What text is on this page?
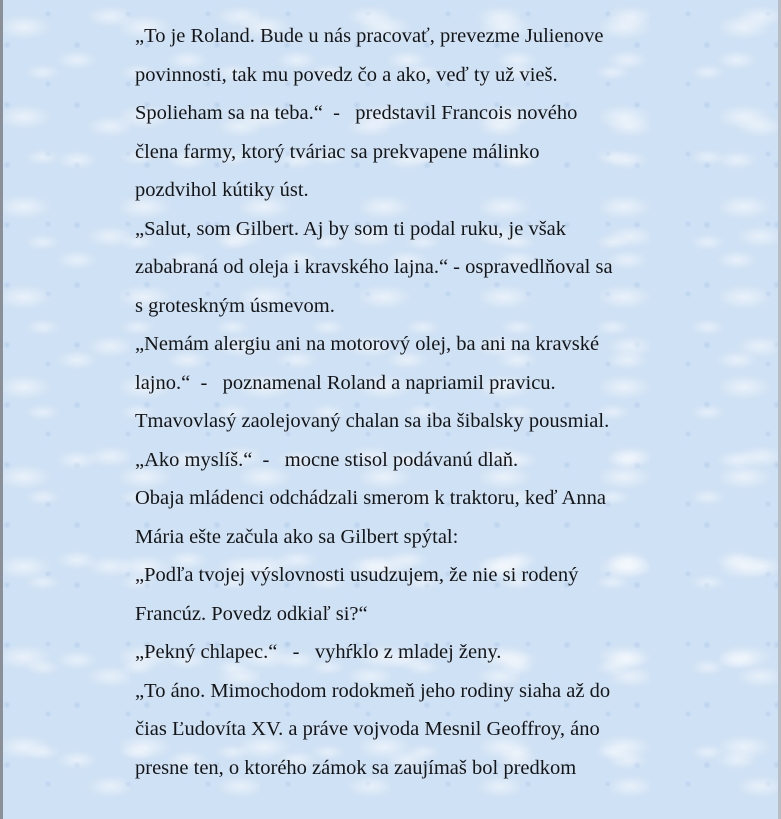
„To je Roland. Bude u nás pracovať, prevezme Julienove
povinnosti, tak mu povedz čo a ako, veď ty už vieš.
Spolieham sa na teba.“  -   predstavil Francois nového
člena farmy, ktorý tváriac sa prekvapene málinko
pozdvihol kútiky úst.
„Salut, som Gilbert. Aj by som ti podal ruku, je však
zababraná od oleja i kravského lajna.“ - ospravedlňoval sa
s groteskným úsmevom.
„Nemám alergiu ani na motorový olej, ba ani na kravské
lajno.“  -   poznamenal Roland a napriamil pravicu.
Tmavovlasý zaolejovaný chalan sa iba šibalsky pousmial.
„Ako myslíš.“  -   mocne stisol podávanú dlaň.
Obaja mládenci odchádzali smerom k traktoru, keď Anna
Mária ešte začula ako sa Gilbert spýtal:
„Podľa tvojej výslovnosti usudzujem, že nie si rodený
Francúz. Povedz odkiaľ si?“
„Pekný chlapec.“   -   vyhŕklo z mladej ženy.
„To áno. Mimochodom rodokmeň jeho rodiny siaha až do
čias Ľudovíta XV. a práve vojvoda Mesnil Geoffroy, áno
presne ten, o ktorého zámok sa zaujímaš bol predkom
